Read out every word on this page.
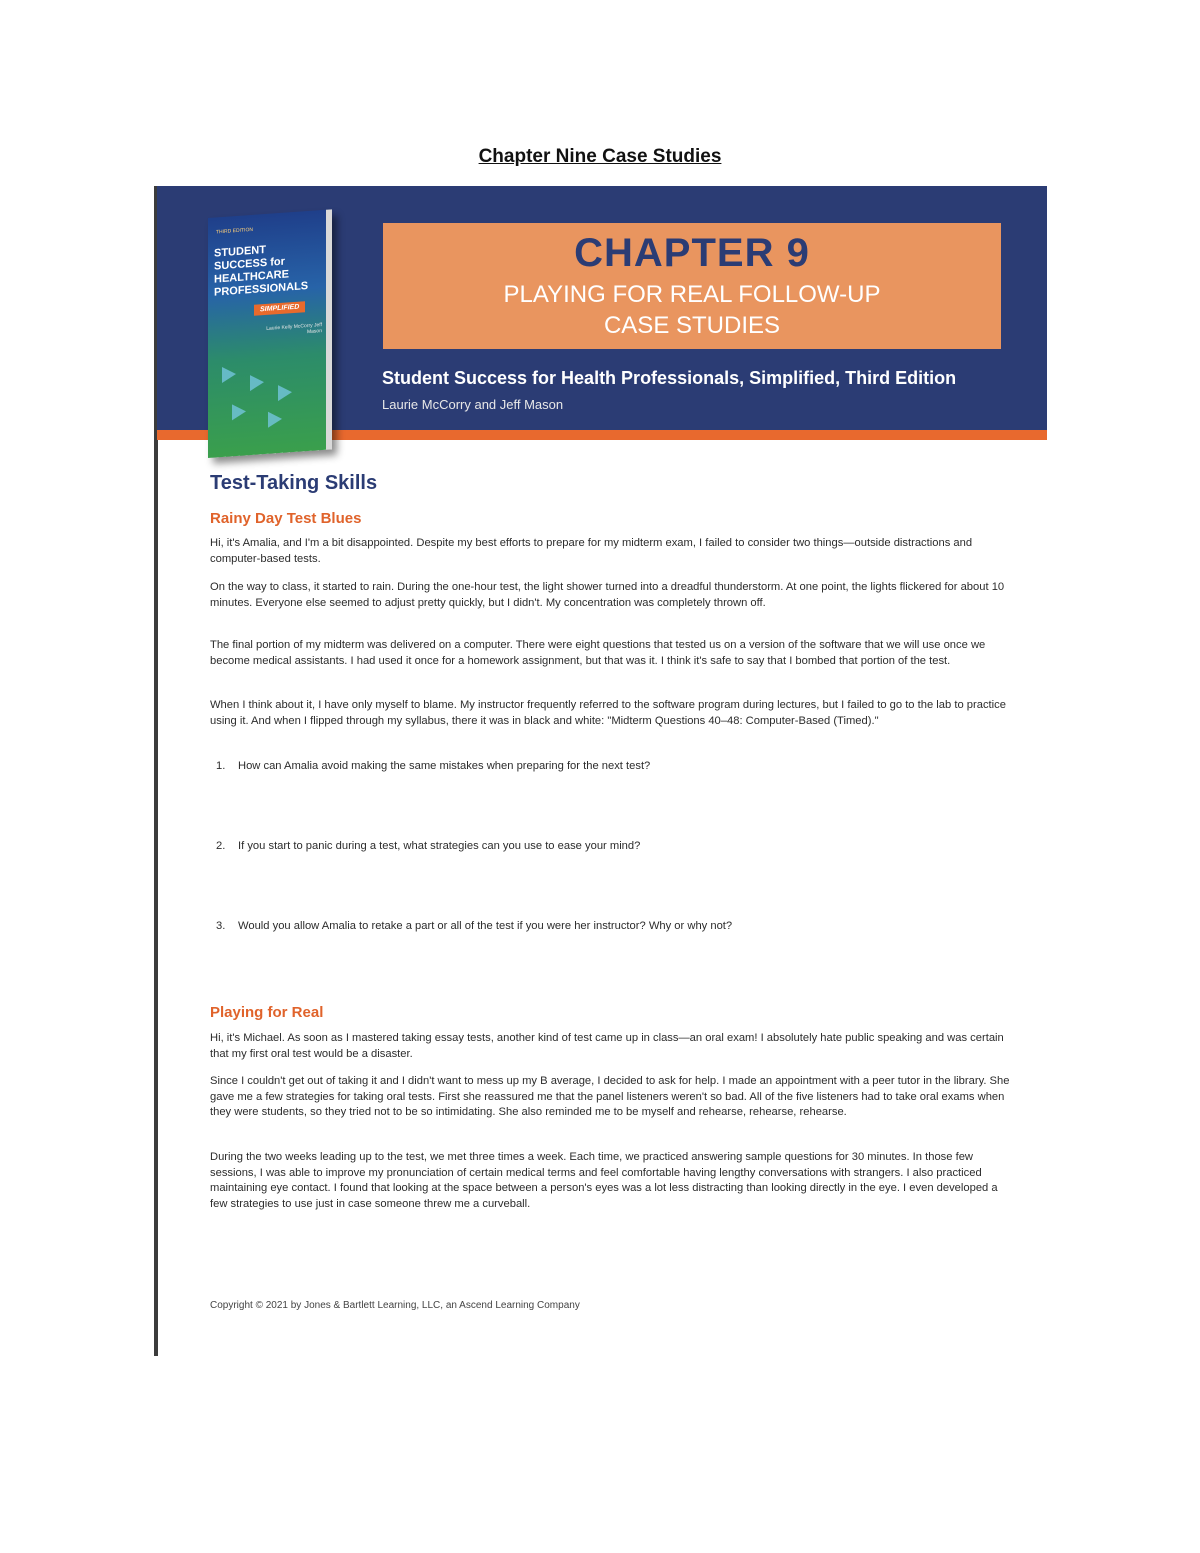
Chapter Nine Case Studies
THIRD EDITION
STUDENT SUCCESS for HEALTHCARE PROFESSIONALS
SIMPLIFIED
Laurie Kelly McCorry Jeff Mason
CHAPTER 9
PLAYING FOR REAL FOLLOW-UP
CASE STUDIES
Student Success for Health Professionals, Simplified, Third Edition
Laurie McCorry and Jeff Mason
Test-Taking Skills
Rainy Day Test Blues

Hi, it's Amalia, and I'm a bit disappointed. Despite my best efforts to prepare for my midterm exam, I failed to consider two things—outside distractions and computer-based tests.

On the way to class, it started to rain. During the one-hour test, the light shower turned into a dreadful thunderstorm. At one point, the lights flickered for about 10 minutes. Everyone else seemed to adjust pretty quickly, but I didn't. My concentration was completely thrown off.

The final portion of my midterm was delivered on a computer. There were eight questions that tested us on a version of the software that we will use once we become medical assistants. I had used it once for a homework assignment, but that was it. I think it's safe to say that I bombed that portion of the test.

When I think about it, I have only myself to blame. My instructor frequently referred to the software program during lectures, but I failed to go to the lab to practice using it. And when I flipped through my syllabus, there it was in black and white: "Midterm Questions 40–48: Computer-Based (Timed)."

1. How can Amalia avoid making the same mistakes when preparing for the next test?
2. If you start to panic during a test, what strategies can you use to ease your mind?
3. Would you allow Amalia to retake a part or all of the test if you were her instructor? Why or why not?
Playing for Real

Hi, it's Michael. As soon as I mastered taking essay tests, another kind of test came up in class—an oral exam! I absolutely hate public speaking and was certain that my first oral test would be a disaster.

Since I couldn't get out of taking it and I didn't want to mess up my B average, I decided to ask for help. I made an appointment with a peer tutor in the library. She gave me a few strategies for taking oral tests. First she reassured me that the panel listeners weren't so bad. All of the five listeners had to take oral exams when they were students, so they tried not to be so intimidating. She also reminded me to be myself and rehearse, rehearse, rehearse.

During the two weeks leading up to the test, we met three times a week. Each time, we practiced answering sample questions for 30 minutes. In those few sessions, I was able to improve my pronunciation of certain medical terms and feel comfortable having lengthy conversations with strangers. I also practiced maintaining eye contact. I found that looking at the space between a person's eyes was a lot less distracting than looking directly in the eye. I even developed a few strategies to use just in case someone threw me a curveball.

Copyright © 2021 by Jones & Bartlett Learning, LLC, an Ascend Learning Company
